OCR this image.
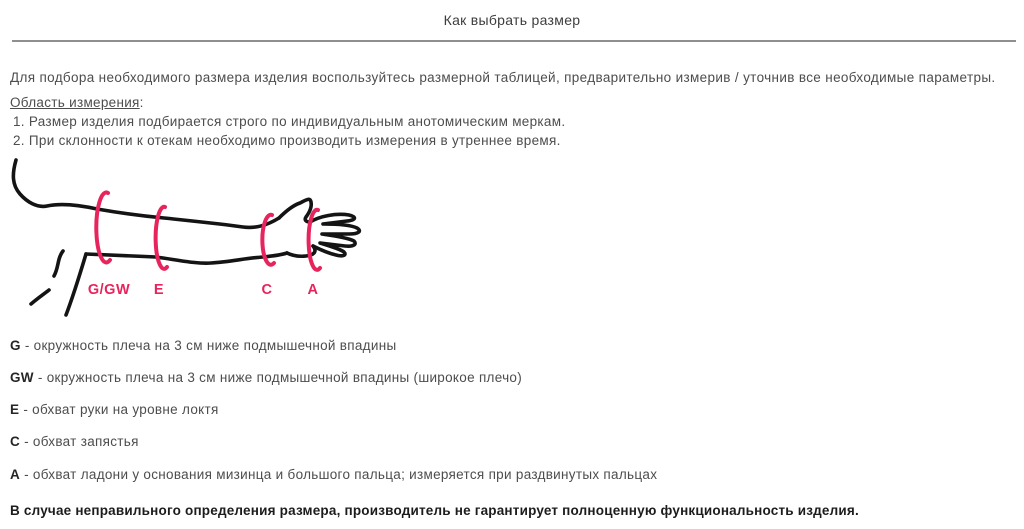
Как выбрать размер

Для подбора необходимого размера изделия воспользуйтесь размерной таблицей, предварительно измерив / уточнив все необходимые параметры.

Область измерения:
1. Размер изделия подбирается строго по индивидуальным анотомическим меркам.
2. При склонности к отекам необходимо производить измерения в утреннее время.
G/GW E	C A
G - окружность плеча на 3 см ниже подмышечной впадины
GW - окружность плеча на 3 см ниже подмышечной впадины (широкое плечо)
E - обхват руки на уровне локтя
C - обхват запястья
A - обхват ладони у основания мизинца и большого пальца; измеряется при раздвинутых пальцах
В случае неправильного определения размера, производитель не гарантирует полноценную функциональность изделия.
